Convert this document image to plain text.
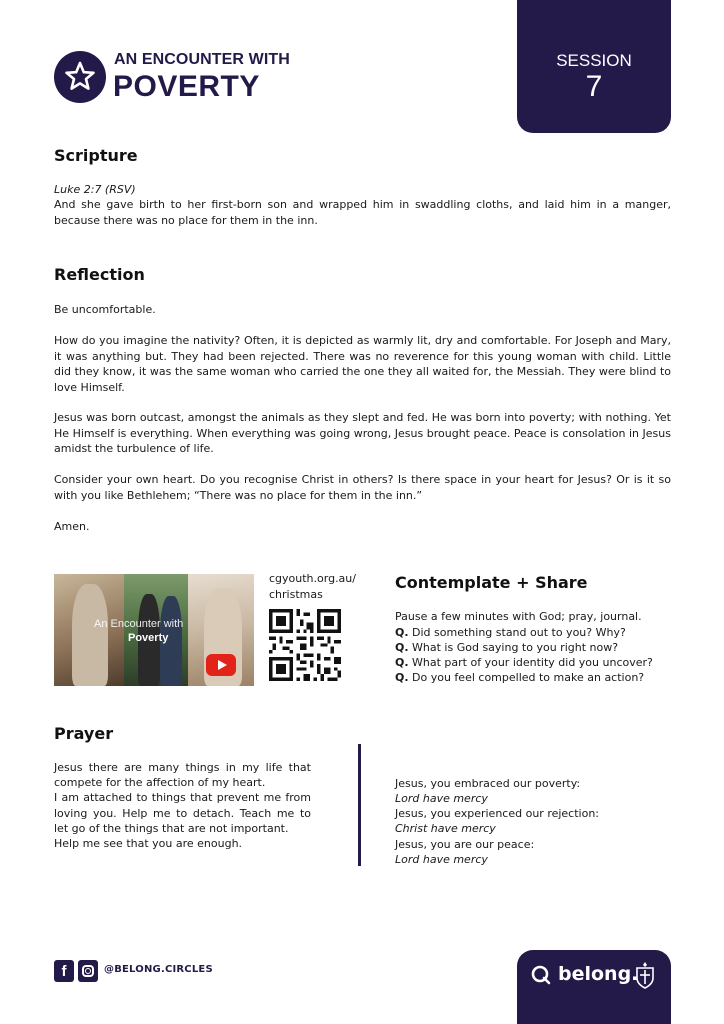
AN ENCOUNTER WITH
POVERTY
SESSION
7
Scripture
Luke 2:7 (RSV)
And she gave birth to her first-born son and wrapped him in swaddling cloths, and laid him in a manger, because there was no place for them in the inn.
Reflection
Be uncomfortable.
How do you imagine the nativity? Often, it is depicted as warmly lit, dry and comfortable. For Joseph and Mary, it was anything but. They had been rejected. There was no reverence for this young woman with child. Little did they know, it was the same woman who carried the one they all waited for, the Messiah. They were blind to love Himself.
Jesus was born outcast, amongst the animals as they slept and fed. He was born into poverty; with nothing. Yet He Himself is everything. When everything was going wrong, Jesus brought peace. Peace is consolation in Jesus amidst the turbulence of life.
Consider your own heart. Do you recognise Christ in others? Is there space in your heart for Jesus? Or is it so with you like Bethlehem; “There was no place for them in the inn.”
Amen.
An Encounter with
Poverty
cgyouth.org.au/
christmas
Contemplate + Share
Pause a few minutes with God; pray, journal.
Q. Did something stand out to you? Why?
Q. What is God saying to you right now?
Q. What part of your identity did you uncover?
Q. Do you feel compelled to make an action?
Prayer
Jesus there are many things in my life that compete for the affection of my heart.
I am attached to things that prevent me from loving you. Help me to detach. Teach me to let go of the things that are not important.
Help me see that you are enough.
Jesus, you embraced our poverty:
Lord have mercy
Jesus, you experienced our rejection:
Christ have mercy
Jesus, you are our peace:
Lord have mercy
f	@BELONG.CIRCLES	belong.
